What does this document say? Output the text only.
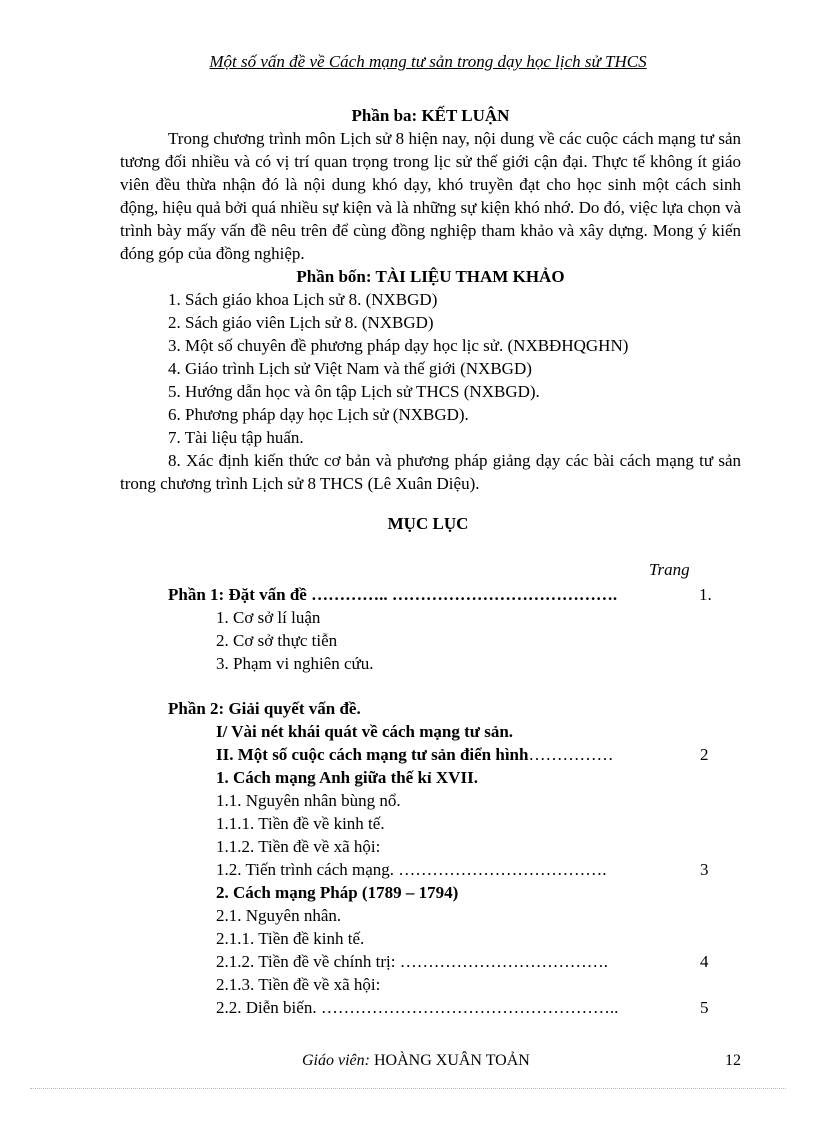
Một số vấn đề về Cách mạng tư sản trong dạy học lịch sử THCS
Phần ba: KẾT LUẬN
Trong chương trình môn Lịch sử 8 hiện nay, nội dung về các cuộc cách mạng tư sản tương đối nhiều và có vị trí quan trọng trong lịc sử thế giới cận đại. Thực tế không ít giáo viên đều thừa nhận đó là nội dung khó dạy, khó truyền đạt cho học sinh một cách sinh động, hiệu quả bởi quá nhiều sự kiện và là những sự kiện khó nhớ. Do đó, việc lựa chọn và trình bày mấy vấn đề nêu trên để cùng đồng nghiệp tham khảo và xây dựng. Mong ý kiến đóng góp của đồng nghiệp.
Phần bốn: TÀI LIỆU THAM KHẢO
1. Sách giáo khoa Lịch sử 8. (NXBGD)
2. Sách giáo viên Lịch sử 8. (NXBGD)
3. Một số chuyên đề phương pháp dạy học lịc sử. (NXBĐHQGHN)
4. Giáo trình Lịch sử Việt Nam và thế giới (NXBGD)
5. Hướng dẫn học và ôn tập Lịch sử THCS (NXBGD).
6. Phương pháp dạy học Lịch sử (NXBGD).
7. Tài liệu tập huấn.
8. Xác định kiến thức cơ bản và phương pháp giảng dạy các bài cách mạng tư sản trong chương trình Lịch sử 8 THCS (Lê Xuân Diệu).
MỤC LỤC
Trang
Phần 1: Đặt vấn đề ………….. ………………………………….	1.
1. Cơ sở lí luận
2. Cơ sở thực tiễn
3. Phạm vi nghiên cứu.
Phần 2: Giải quyết vấn đề.
I/ Vài nét khái quát về cách mạng tư sản.
II. Một số cuộc cách mạng tư sản điển hình……………	2
1. Cách mạng Anh giữa thế kỉ XVII.
1.1. Nguyên nhân bùng nổ.
1.1.1. Tiền đề về kinh tế.
1.1.2. Tiền đề về xã hội:
1.2. Tiến trình cách mạng. ……………………………….	3
2. Cách mạng Pháp (1789 – 1794)
2.1. Nguyên nhân.
2.1.1. Tiền đề kinh tế.
2.1.2. Tiền đề về chính trị: ……………………………….	4
2.1.3. Tiền đề về xã hội:
2.2. Diễn biến. ……………………………………………..	5
Giáo viên: HOÀNG XUÂN TOẢN	12
